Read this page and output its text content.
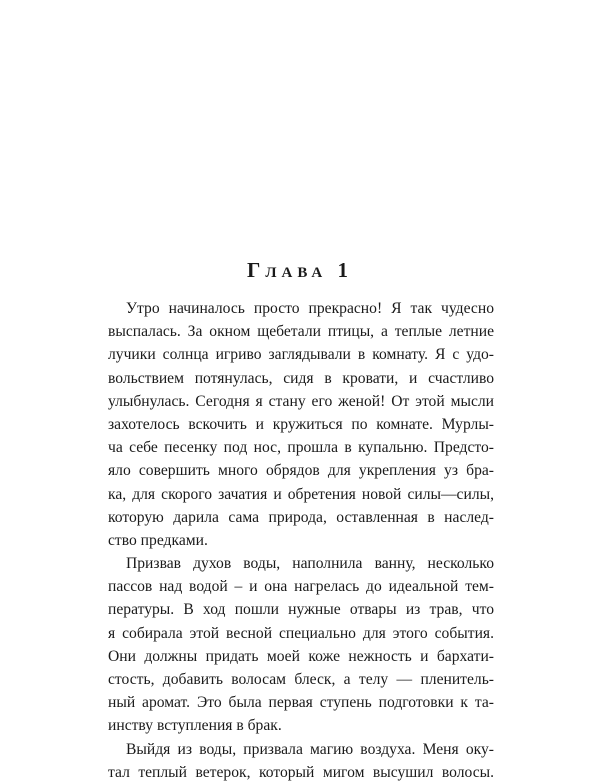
Глава 1
Утро начиналось просто прекрасно! Я так чудесно
выспалась. За окном щебетали птицы, а теплые летние
лучики солнца игриво заглядывали в комнату. Я с удо-
вольствием потянулась, сидя в кровати, и счастливо
улыбнулась. Сегодня я стану его женой! От этой мысли
захотелось вскочить и кружиться по комнате. Мурлы-
ча себе песенку под нос, прошла в купальню. Предсто-
яло совершить много обрядов для укрепления уз бра-
ка, для скорого зачатия и обретения новой силы—силы,
которую дарила сама природа, оставленная в наслед-
ство предками.
Призвав духов воды, наполнила ванну, несколько
пассов над водой – и она нагрелась до идеальной тем-
пературы. В ход пошли нужные отвары из трав, что
я собирала этой весной специально для этого события.
Они должны придать моей коже нежность и бархати-
стость, добавить волосам блеск, а телу — пленитель-
ный аромат. Это была первая ступень подготовки к та-
инству вступления в брак.
Выйдя из воды, призвала магию воздуха. Меня оку-
тал теплый ветерок, который мигом высушил волосы.
